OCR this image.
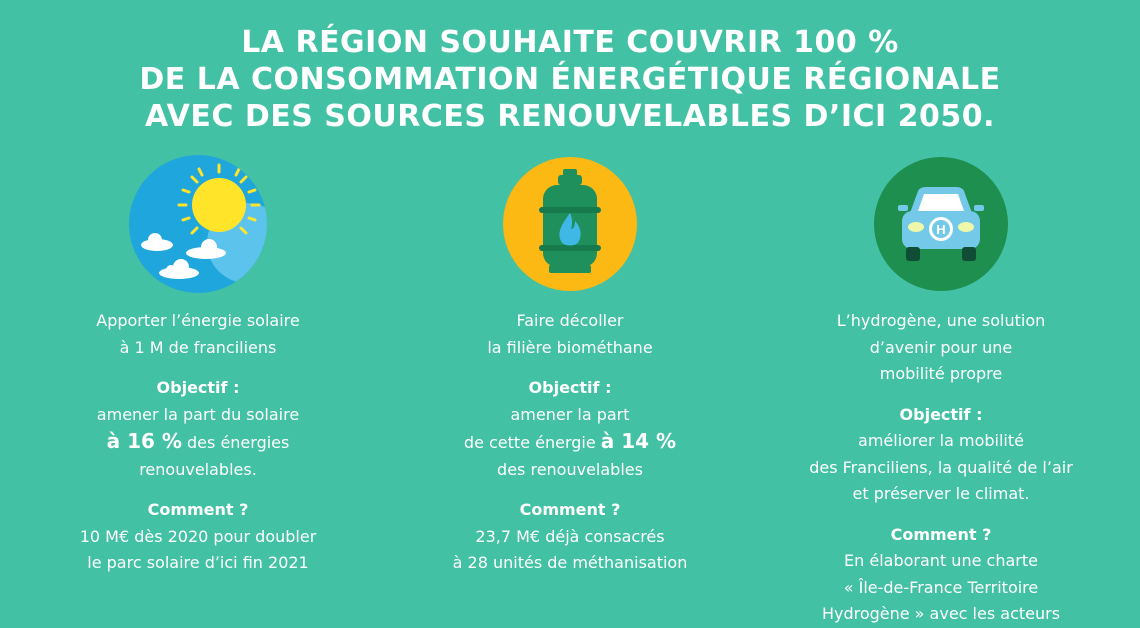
LA RÉGION SOUHAITE COUVRIR 100 %
DE LA CONSOMMATION ÉNERGÉTIQUE RÉGIONALE
AVEC DES SOURCES RENOUVELABLES D’ICI 2050.
Apporter l’énergie solaire
à 1 M de franciliens
Objectif :
amener la part du solaire
à 16 % des énergies
renouvelables.
Comment ?
10 M€ dès 2020 pour doubler
le parc solaire d’ici fin 2021
Faire décoller
la filière biométhane
Objectif :
amener la part
de cette énergie à 14 %
des renouvelables
Comment ?
23,7 M€ déjà consacrés
à 28 unités de méthanisation
H
L’hydrogène, une solution
d’avenir pour une
mobilité propre
Objectif :
améliorer la mobilité
des Franciliens, la qualité de l’air
et préserver le climat.
Comment ?
En élaborant une charte
« Île-de-France Territoire
Hydrogène » avec les acteurs
